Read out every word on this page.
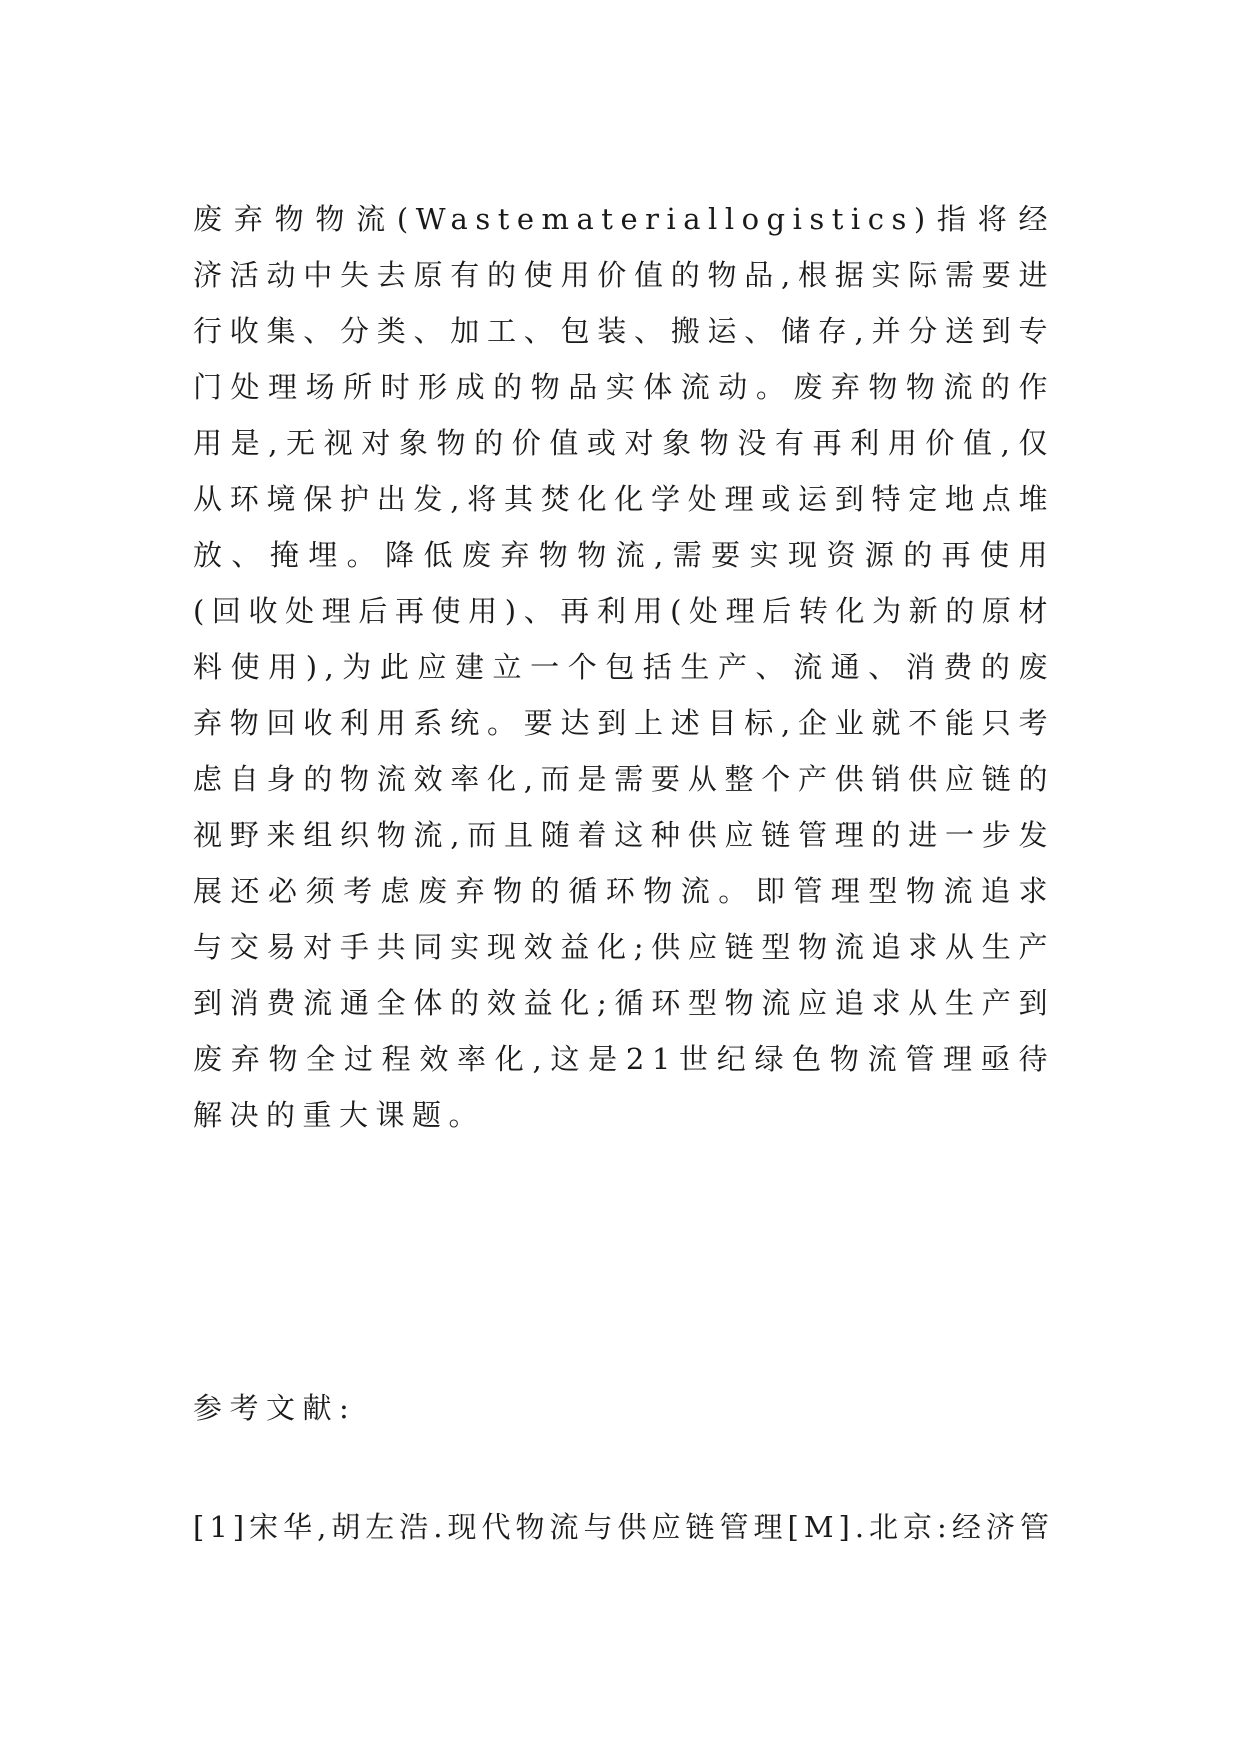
废弃物物流(Wastemateriallogistics)指将经济活动中失去原有的使用价值的物品,根据实际需要进行收集、分类、加工、包装、搬运、储存,并分送到专门处理场所时形成的物品实体流动。废弃物物流的作用是,无视对象物的价值或对象物没有再利用价值,仅从环境保护出发,将其焚化化学处理或运到特定地点堆放、掩埋。降低废弃物物流,需要实现资源的再使用(回收处理后再使用)、再利用(处理后转化为新的原材料使用),为此应建立一个包括生产、流通、消费的废弃物回收利用系统。要达到上述目标,企业就不能只考虑自身的物流效率化,而是需要从整个产供销供应链的视野来组织物流,而且随着这种供应链管理的进一步发展还必须考虑废弃物的循环物流。即管理型物流追求与交易对手共同实现效益化;供应链型物流追求从生产到消费流通全体的效益化;循环型物流应追求从生产到废弃物全过程效率化,这是21世纪绿色物流管理亟待解决的重大课题。

参考文献:

[1]宋华,胡左浩.现代物流与供应链管理[M].北京:经济管
